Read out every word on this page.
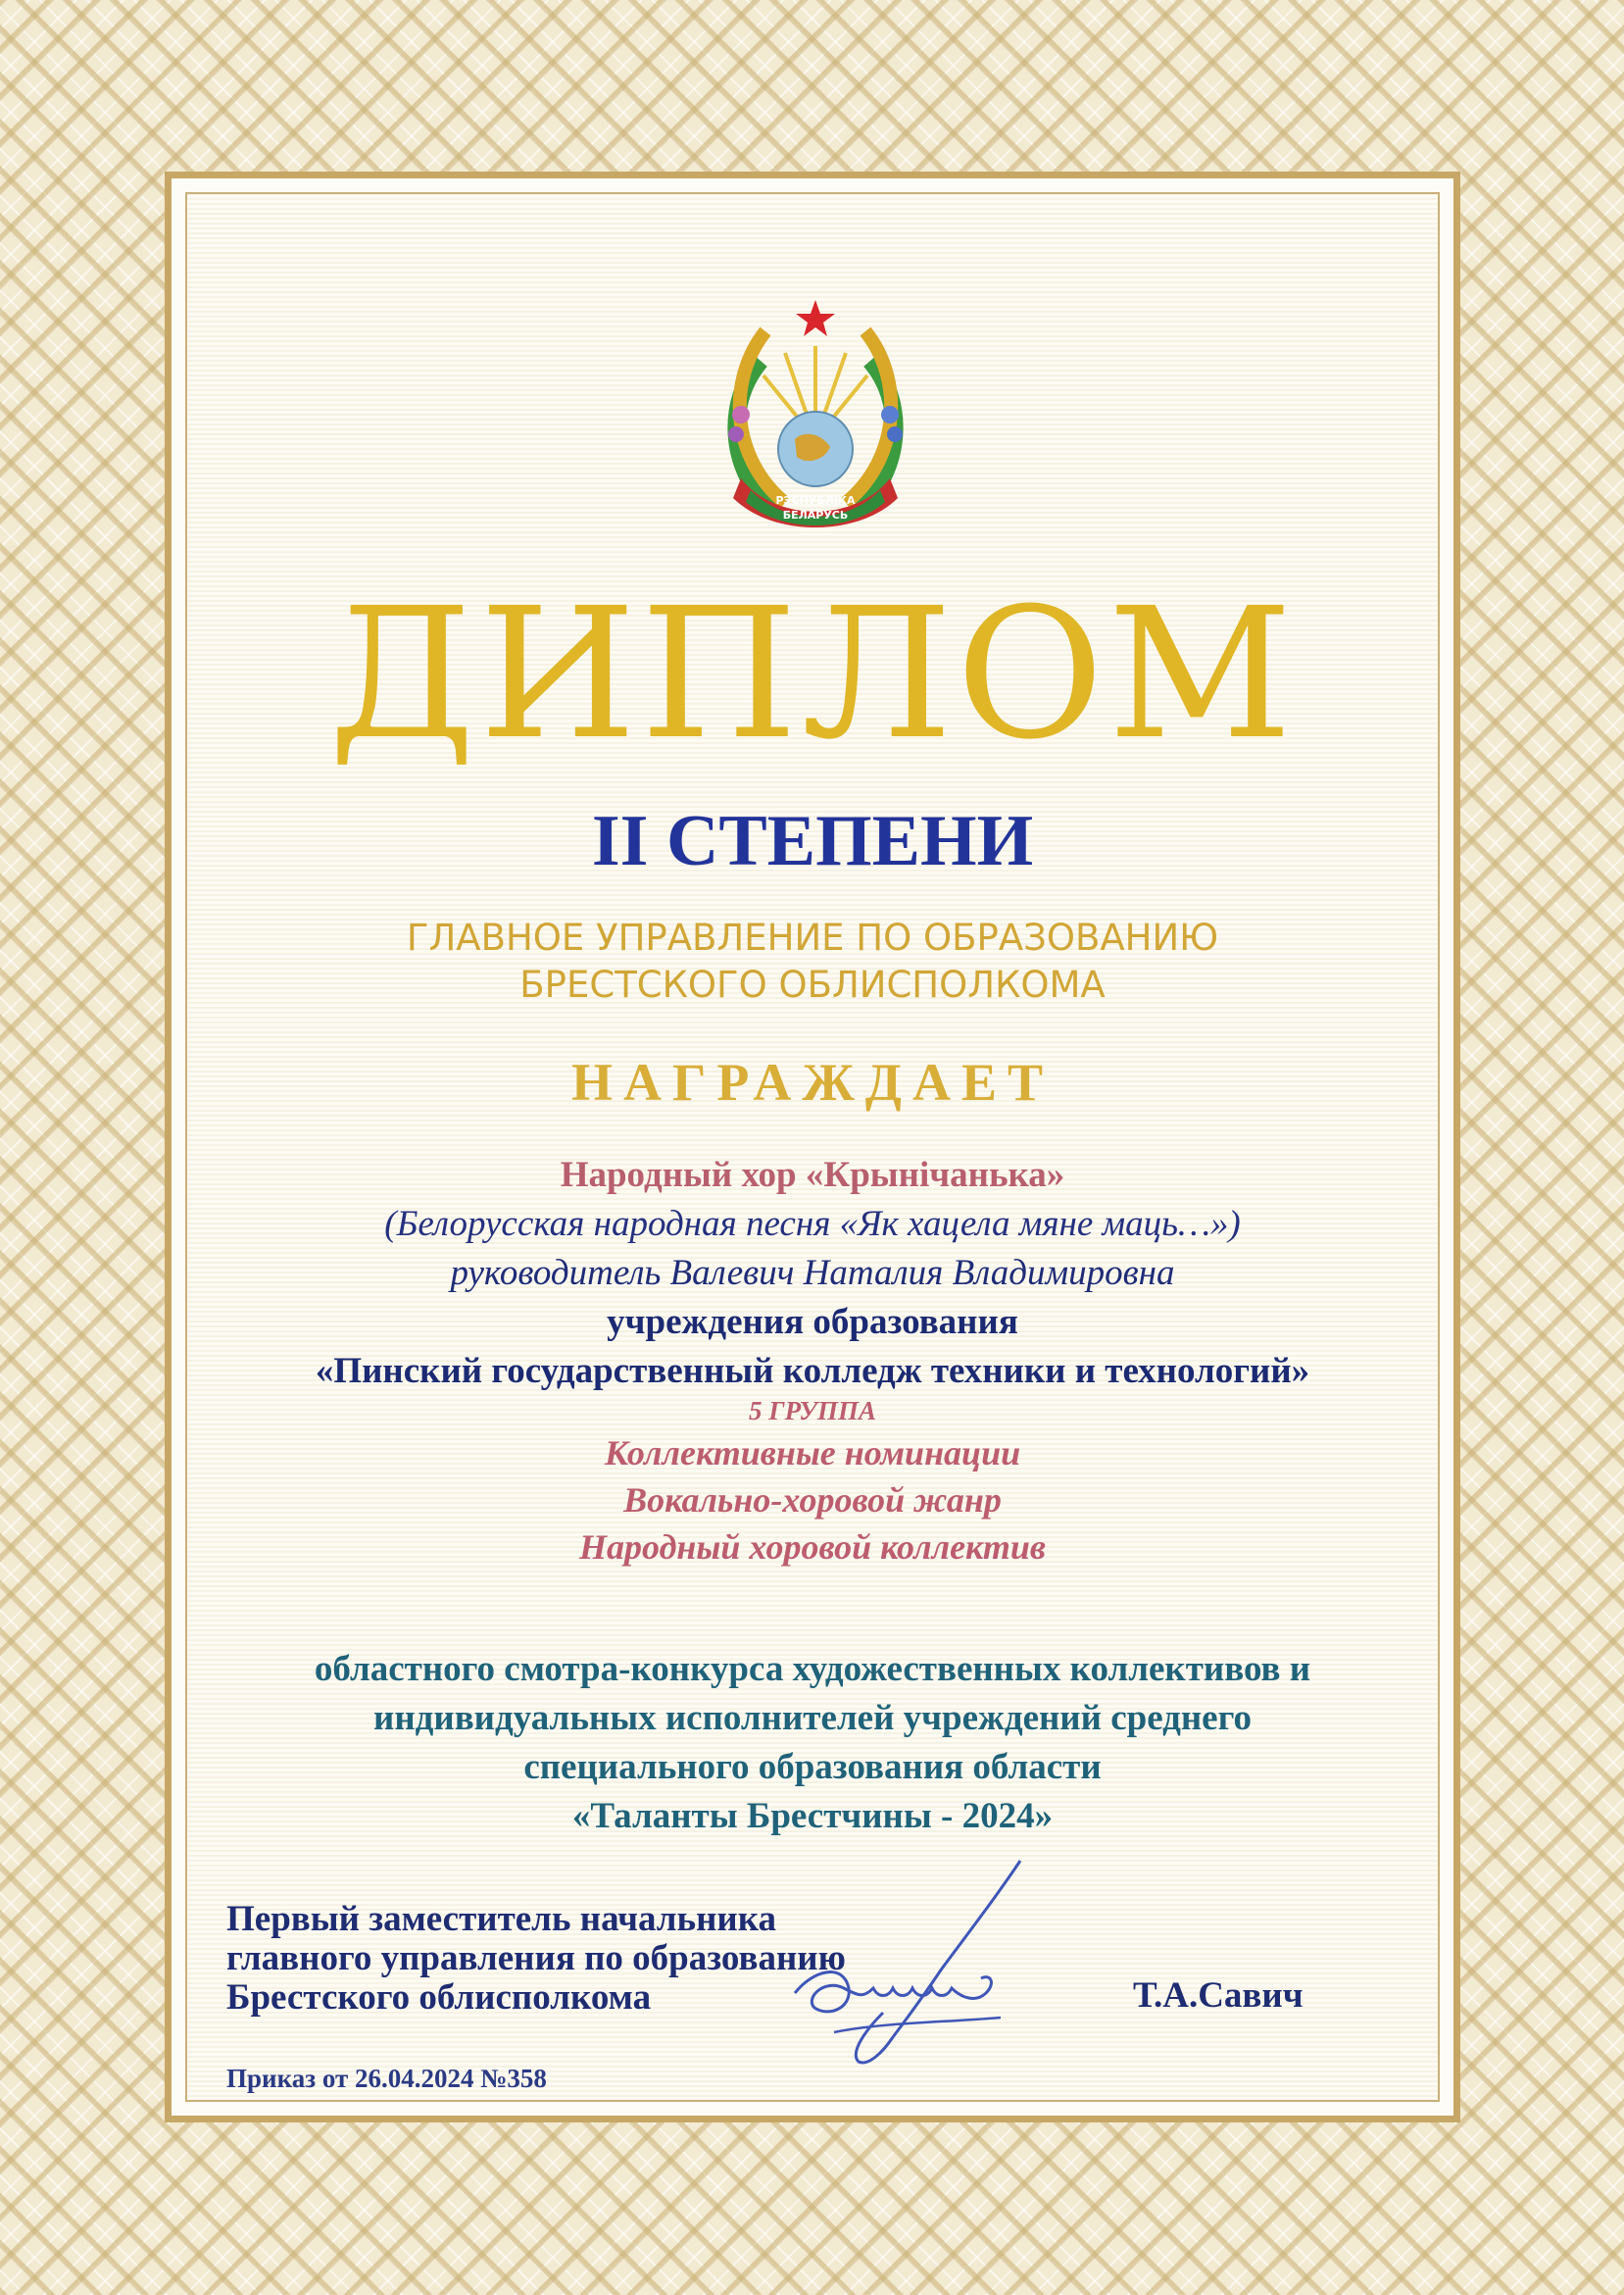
РЭСПУБЛІКА
БЕЛАРУСЬ
ДИПЛОМ
II СТЕПЕНИ
ГЛАВНОЕ УПРАВЛЕНИЕ ПО ОБРАЗОВАНИЮ
БРЕСТСКОГО ОБЛИСПОЛКОМА
НАГРАЖДАЕТ
Народный хор «Крынічанька»
(Белорусская народная песня «Як хацела мяне маць…»)
руководитель Валевич Наталия Владимировна
учреждения образования
«Пинский государственный колледж техники и технологий»
5 ГРУППА
Коллективные номинации
Вокально-хоровой жанр
Народный хоровой коллектив
областного смотра-конкурса художественных коллективов и
индивидуальных исполнителей учреждений среднего
специального образования области
«Таланты Брестчины - 2024»
Первый заместитель начальника
главного управления по образованию
Брестского облисполкома	Т.А.Савич
Приказ от 26.04.2024 №358
